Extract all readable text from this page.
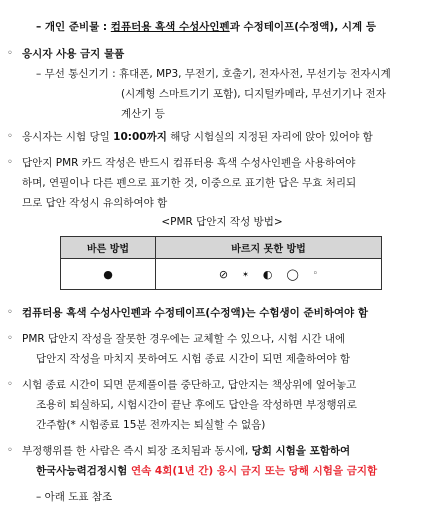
– 개인 준비물 : 컴퓨터용 흑색 수성사인펜과 수정테이프(수정액), 시계 등
◦ 응시자 사용 금지 물품
– 무선 통신기기 : 휴대폰, MP3, 무전기, 호출기, 전자사전, 무선기능 전자시계
(시계형 스마트기기 포함), 디지털카메라, 무선기기나 전자
계산기 등
◦ 응시자는 시험 당일 10:00까지 해당 시험실의 지정된 자리에 앉아 있어야 함
◦ 답안지 PMR 카드 작성은 반드시 컴퓨터용 흑색 수성사인펜을 사용하여야
하며, 연필이나 다른 펜으로 표기한 것, 이중으로 표기한 답은 무효 처리되
므로 답안 작성시 유의하여야 함
<PMR 답안지 작성 방법>
바른 방법	바르지 못한 방법
●	⊘ ✶ ◐ ◯ ◦
◦ 컴퓨터용 흑색 수성사인펜과 수정테이프(수정액)는 수험생이 준비하여야 함
◦ PMR 답안지 작성을 잘못한 경우에는 교체할 수 있으나, 시험 시간 내에
답안지 작성을 마치지 못하여도 시험 종료 시간이 되면 제출하여야 함
◦ 시험 종료 시간이 되면 문제풀이를 중단하고, 답안지는 책상위에 엎어놓고
조용히 퇴실하되, 시험시간이 끝난 후에도 답안을 작성하면 부정행위로
간주함(* 시험종료 15분 전까지는 퇴실할 수 없음)
◦ 부정행위를 한 사람은 즉시 퇴장 조치됨과 동시에, 당회 시험을 포함하여
한국사능력검정시험 연속 4회(1년 간) 응시 금지 또는 당해 시험을 금지함
– 아래 도표 참조
